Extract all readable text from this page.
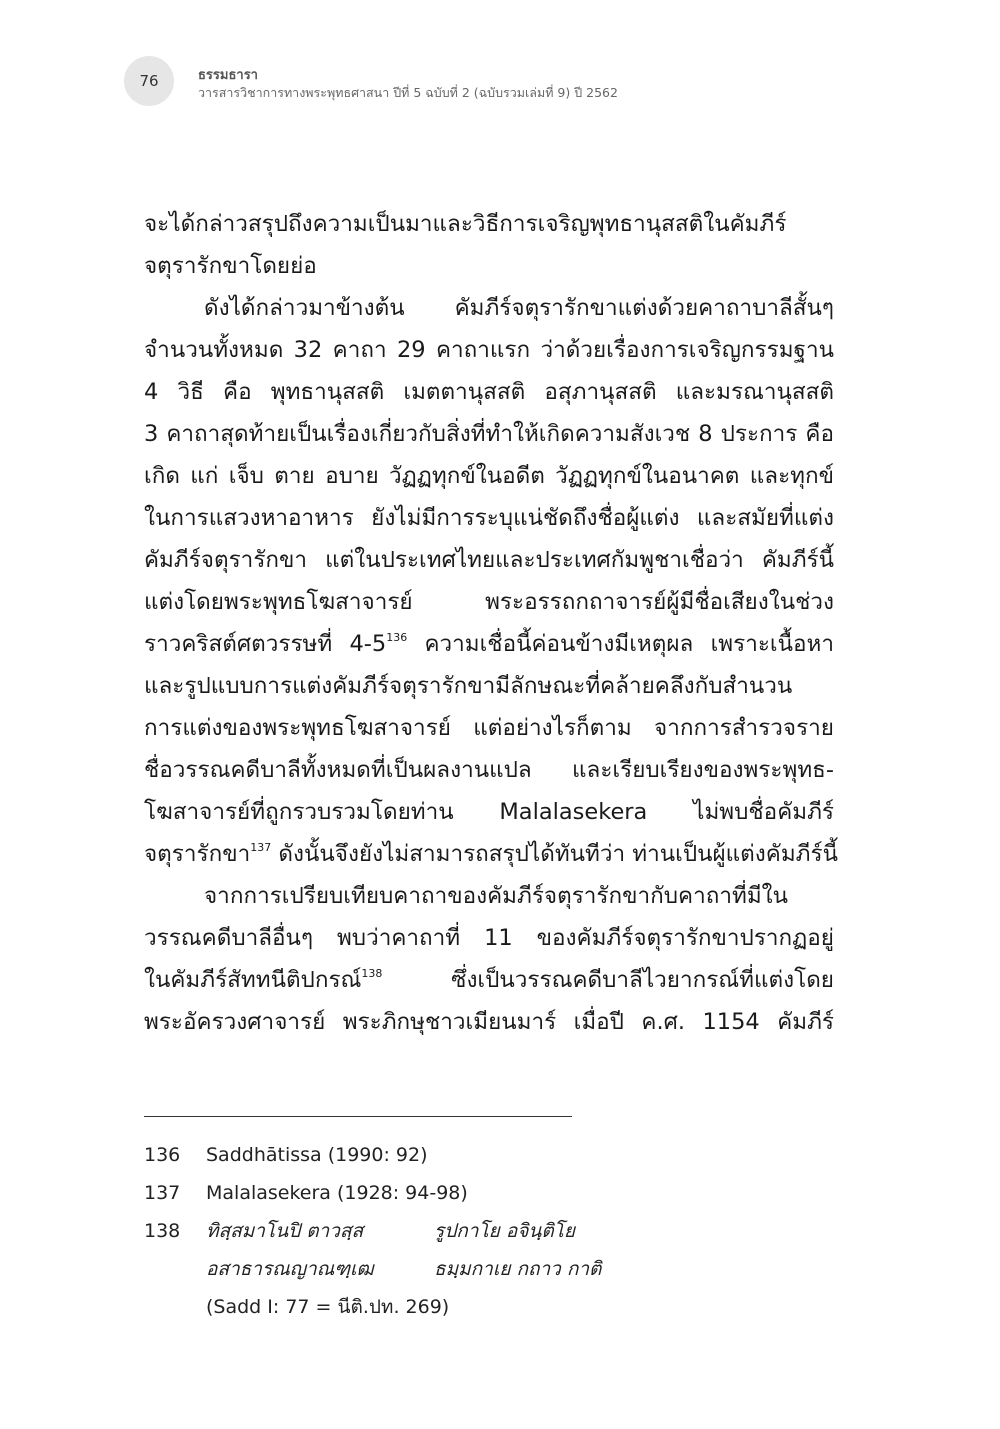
76	ธรรมธารา
วารสารวิชาการทางพระพุทธศาสนา ปีที่ 5 ฉบับที่ 2 (ฉบับรวมเล่มที่ 9) ปี 2562
จะได้กล่าวสรุปถึงความเป็นมาและวิธีการเจริญพุทธานุสสติในคัมภีร์
จตุรารักขาโดยย่อ
ดังได้กล่าวมาข้างต้น คัมภีร์จตุรารักขาแต่งด้วยคาถาบาลีสั้นๆ
จำนวนทั้งหมด 32 คาถา 29 คาถาแรก ว่าด้วยเรื่องการเจริญกรรมฐาน
4 วิธี คือ พุทธานุสสติ เมตตานุสสติ อสุภานุสสติ และมรณานุสสติ
3 คาถาสุดท้ายเป็นเรื่องเกี่ยวกับสิ่งที่ทำให้เกิดความสังเวช 8 ประการ คือ
เกิด แก่ เจ็บ ตาย อบาย วัฏฏทุกข์ในอดีต วัฏฏทุกข์ในอนาคต และทุกข์
ในการแสวงหาอาหาร ยังไม่มีการระบุแน่ชัดถึงชื่อผู้แต่ง และสมัยที่แต่ง
คัมภีร์จตุรารักขา แต่ในประเทศไทยและประเทศกัมพูชาเชื่อว่า คัมภีร์นี้
แต่งโดยพระพุทธโฆสาจารย์ พระอรรถกถาจารย์ผู้มีชื่อเสียงในช่วง
ราวคริสต์ศตวรรษที่ 4-5$^{136}$ ความเชื่อนี้ค่อนข้างมีเหตุผล เพราะเนื้อหา
และรูปแบบการแต่งคัมภีร์จตุรารักขามีลักษณะที่คล้ายคลึงกับสำนวน
การแต่งของพระพุทธโฆสาจารย์ แต่อย่างไรก็ตาม จากการสำรวจราย
ชื่อวรรณคดีบาลีทั้งหมดที่เป็นผลงานแปล และเรียบเรียงของพระพุทธ-
โฆสาจารย์ที่ถูกรวบรวมโดยท่าน Malalasekera ไม่พบชื่อคัมภีร์
จตุรารักขา$^{137}$ ดังนั้นจึงยังไม่สามารถสรุปได้ทันทีว่า ท่านเป็นผู้แต่งคัมภีร์นี้
จากการเปรียบเทียบคาถาของคัมภีร์จตุรารักขากับคาถาที่มีใน
วรรณคดีบาลีอื่นๆ พบว่าคาถาที่ 11 ของคัมภีร์จตุรารักขาปรากฏอยู่
ในคัมภีร์สัททนีติปกรณ์$^{138}$ ซึ่งเป็นวรรณคดีบาลีไวยากรณ์ที่แต่งโดย
พระอัครวงศาจารย์ พระภิกษุชาวเมียนมาร์ เมื่อปี ค.ศ. 1154 คัมภีร์
136 Saddhātissa (1990: 92)
137 Malalasekera (1928: 94-98)
138 ทิสฺสมาโนปิ ตาวสฺส	รูปกาโย อจินฺติโย
อสาธารณญาณฑฺเฒ	ธมฺมกาเย กถาว กาติ
(Sadd I: 77 = นีติ.ปท. 269)
